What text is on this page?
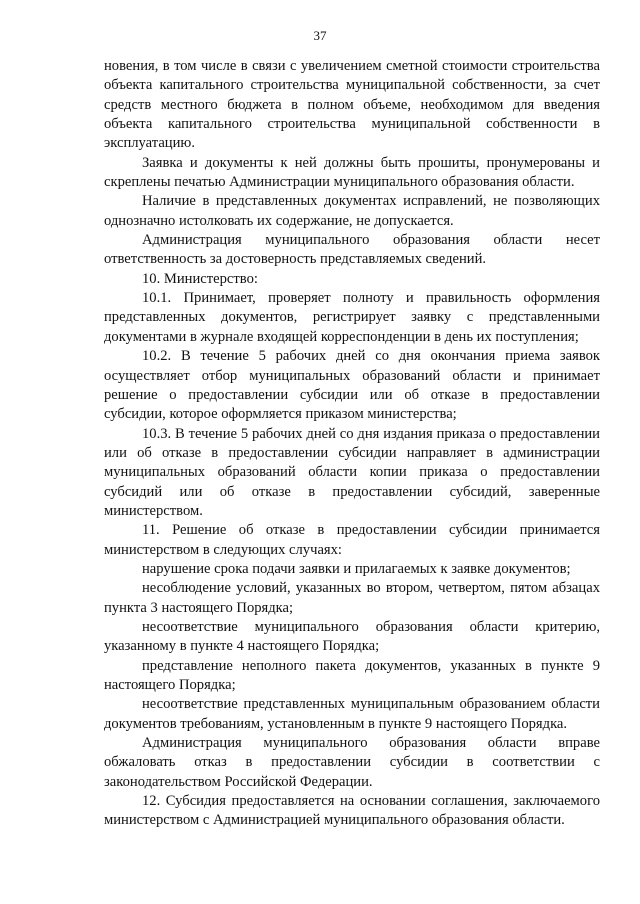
37

новения, в том числе в связи с увеличением сметной стоимости строительства объекта капитального строительства муниципальной собственности, за счет средств местного бюджета в полном объеме, необходимом для введения объекта капитального строительства муниципальной собственности в эксплуатацию.

Заявка и документы к ней должны быть прошиты, пронумерованы и скреплены печатью Администрации муниципального образования области.

Наличие в представленных документах исправлений, не позволяющих однозначно истолковать их содержание, не допускается.

Администрация муниципального образования области несет ответственность за достоверность представляемых сведений.

10. Министерство:

10.1. Принимает, проверяет полноту и правильность оформления представленных документов, регистрирует заявку с представленными документами в журнале входящей корреспонденции в день их поступления;

10.2. В течение 5 рабочих дней со дня окончания приема заявок осуществляет отбор муниципальных образований области и принимает решение о предоставлении субсидии или об отказе в предоставлении субсидии, которое оформляется приказом министерства;

10.3. В течение 5 рабочих дней со дня издания приказа о предоставлении или об отказе в предоставлении субсидии направляет в администрации муниципальных образований области копии приказа о предоставлении субсидий или об отказе в предоставлении субсидий, заверенные министерством.

11. Решение об отказе в предоставлении субсидии принимается министерством в следующих случаях:

нарушение срока подачи заявки и прилагаемых к заявке документов;

несоблюдение условий, указанных во втором, четвертом, пятом абзацах пункта 3 настоящего Порядка;

несоответствие муниципального образования области критерию, указанному в пункте 4 настоящего Порядка;

представление неполного пакета документов, указанных в пункте 9 настоящего Порядка;

несоответствие представленных муниципальным образованием области документов требованиям, установленным в пункте 9 настоящего Порядка.

Администрация муниципального образования области вправе обжаловать отказ в предоставлении субсидии в соответствии с законодательством Российской Федерации.

12. Субсидия предоставляется на основании соглашения, заключаемого министерством с Администрацией муниципального образования области.
